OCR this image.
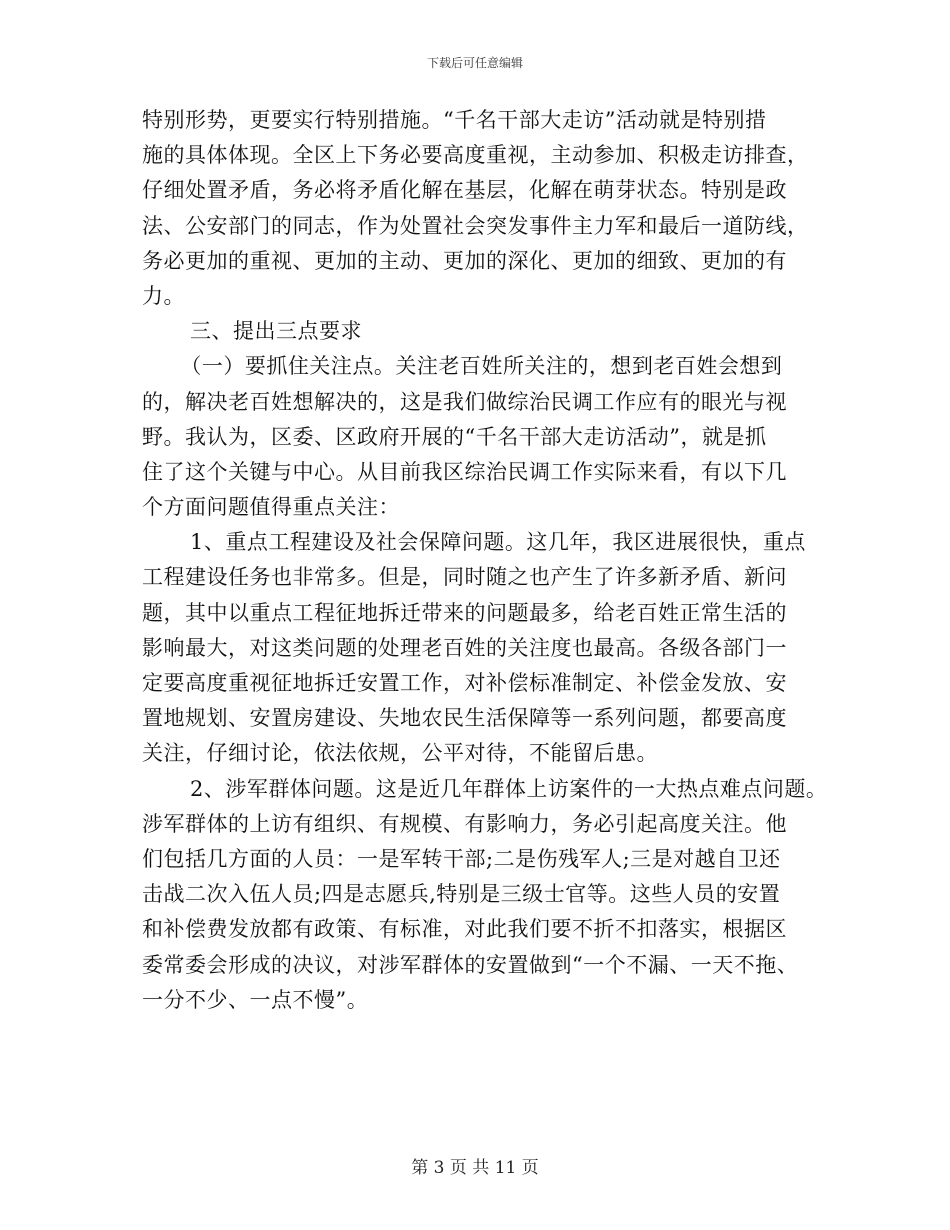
下载后可任意编辑
特别形势，更要实行特别措施。“千名干部大走访”活动就是特别措
施的具体体现。全区上下务必要高度重视，主动参加、积极走访排查，
仔细处置矛盾，务必将矛盾化解在基层，化解在萌芽状态。特别是政
法、公安部门的同志，作为处置社会突发事件主力军和最后一道防线，
务必更加的重视、更加的主动、更加的深化、更加的细致、更加的有
力。
三、提出三点要求
（一）要抓住关注点。关注老百姓所关注的，想到老百姓会想到
的，解决老百姓想解决的，这是我们做综治民调工作应有的眼光与视
野。我认为，区委、区政府开展的“千名干部大走访活动”，就是抓
住了这个关键与中心。从目前我区综治民调工作实际来看，有以下几
个方面问题值得重点关注：
1、重点工程建设及社会保障问题。这几年，我区进展很快，重点
工程建设任务也非常多。但是，同时随之也产生了许多新矛盾、新问
题，其中以重点工程征地拆迁带来的问题最多，给老百姓正常生活的
影响最大，对这类问题的处理老百姓的关注度也最高。各级各部门一
定要高度重视征地拆迁安置工作，对补偿标准制定、补偿金发放、安
置地规划、安置房建设、失地农民生活保障等一系列问题，都要高度
关注，仔细讨论，依法依规，公平对待，不能留后患。
2、涉军群体问题。这是近几年群体上访案件的一大热点难点问题。
涉军群体的上访有组织、有规模、有影响力，务必引起高度关注。他
们包括几方面的人员：一是军转干部;二是伤残军人;三是对越自卫还
击战二次入伍人员;四是志愿兵,特别是三级士官等。这些人员的安置
和补偿费发放都有政策、有标准，对此我们要不折不扣落实，根据区
委常委会形成的决议，对涉军群体的安置做到“一个不漏、一天不拖、
一分不少、一点不慢”。
第 3 页 共 11 页
